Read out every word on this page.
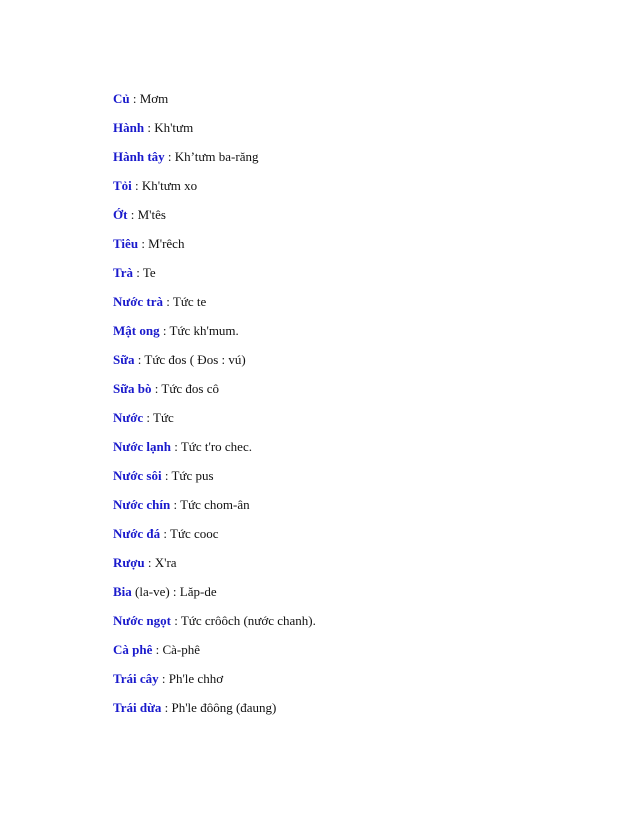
Củ : Mơm
Hành : Kh'tưm
Hành tây : Kh’tưm ba-răng
Tỏi : Kh'tưm xo
Ớt : M'tês
Tiêu : M'rêch
Trà : Te
Nước trà : Tức te
Mật ong : Tức kh'mum.
Sữa : Tức đos ( Đos : vú)
Sữa bò : Tức đos cô
Nước : Tức
Nước lạnh : Tức t'ro chec.
Nước sôi : Tức pus
Nước chín : Tức chom-ân
Nước đá : Tức cooc
Rượu : X'ra
Bia (la-ve) : Lăp-de
Nước ngọt : Tức crôôch (nước chanh).
Cà phê : Cà-phê
Trái cây : Ph'le chhơ
Trái dừa : Ph'le đôông (đaung)
